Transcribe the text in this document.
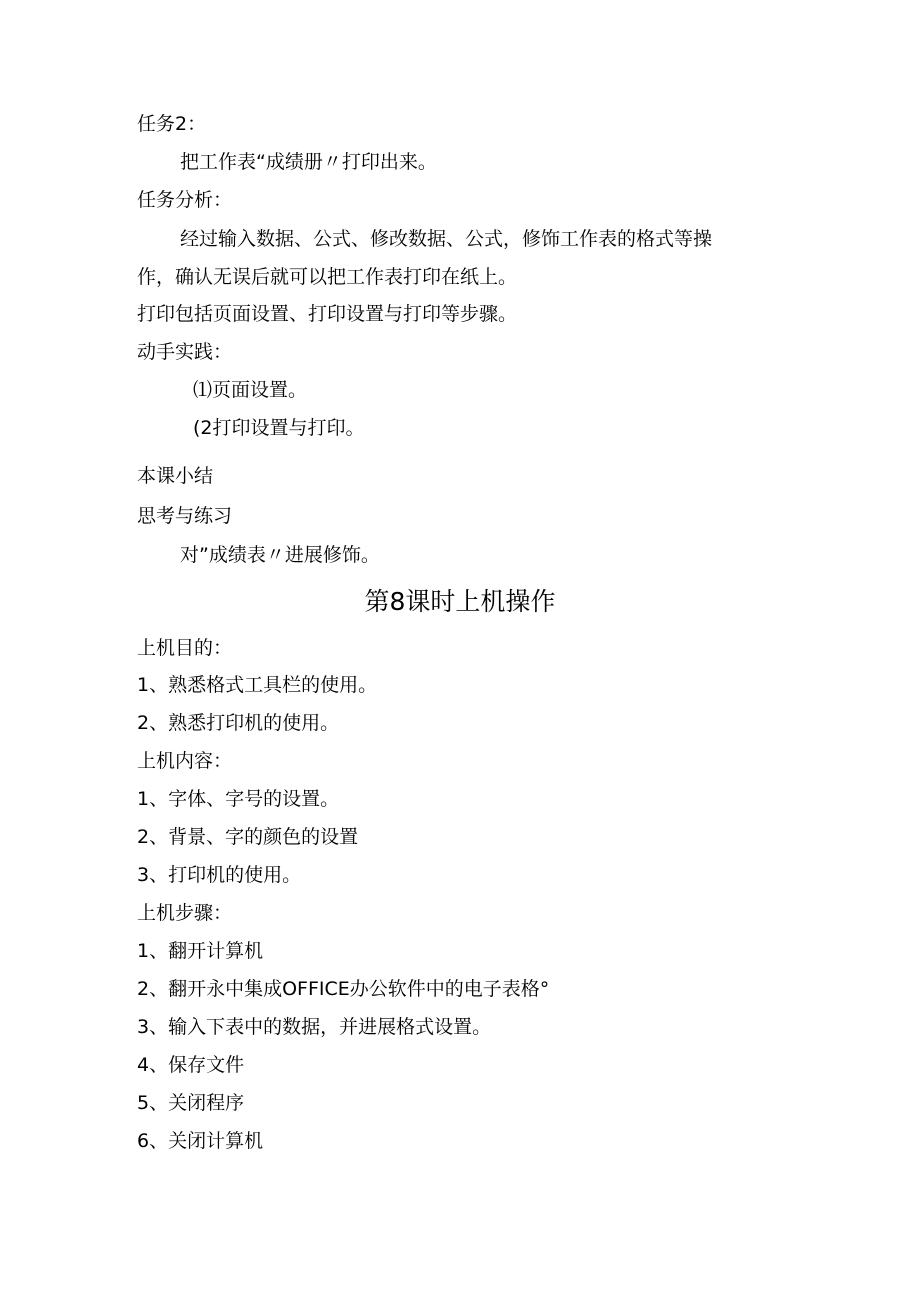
任务2：
把工作表“成绩册〃打印出来。
任务分析：
经过输入数据、公式、修改数据、公式，修饰工作表的格式等操
作，确认无误后就可以把工作表打印在纸上。
打印包括页面设置、打印设置与打印等步骤。
动手实践：
⑴页面设置。
(2打印设置与打印。
本课小结
思考与练习
对”成绩表〃进展修饰。
第8课时上机操作
上机目的：
1、熟悉格式工具栏的使用。
2、熟悉打印机的使用。
上机内容：
1、字体、字号的设置。
2、背景、字的颜色的设置
3、打印机的使用。
上机步骤：
1、翻开计算机
2、翻开永中集成OFFICE办公软件中的电子表格°
3、输入下表中的数据，并进展格式设置。
4、保存文件
5、关闭程序
6、关闭计算机
